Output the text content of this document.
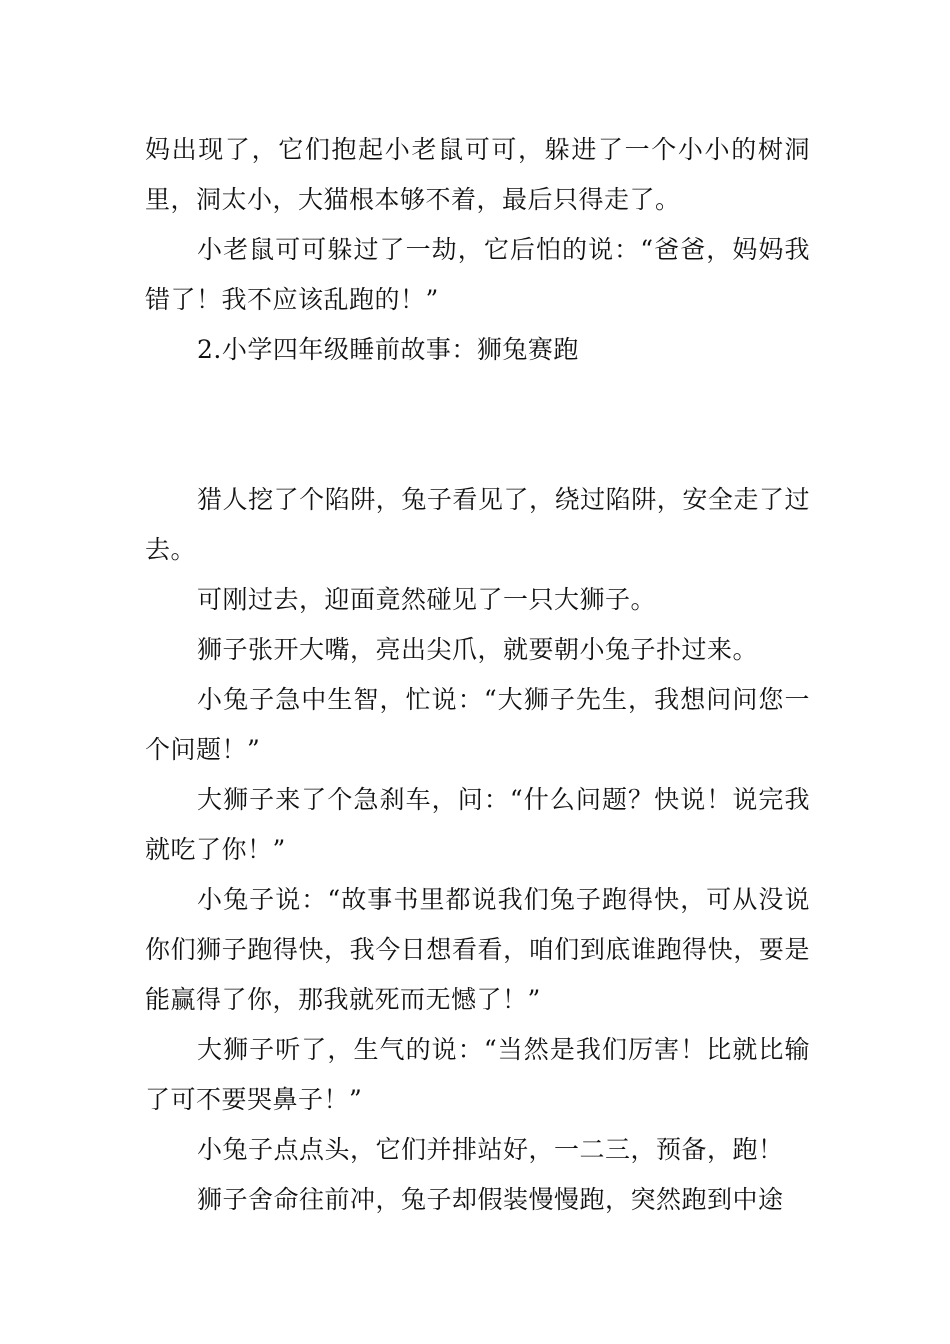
妈出现了，它们抱起小老鼠可可，躲进了一个小小的树洞里，洞太小，大猫根本够不着，最后只得走了。

小老鼠可可躲过了一劫，它后怕的说：“爸爸，妈妈我错了！我不应该乱跑的！”

2.小学四年级睡前故事：狮兔赛跑

猎人挖了个陷阱，兔子看见了，绕过陷阱，安全走了过去。

可刚过去，迎面竟然碰见了一只大狮子。

狮子张开大嘴，亮出尖爪，就要朝小兔子扑过来。

小兔子急中生智，忙说：“大狮子先生，我想问问您一个问题！”

大狮子来了个急刹车，问：“什么问题？快说！说完我就吃了你！”

小兔子说：“故事书里都说我们兔子跑得快，可从没说你们狮子跑得快，我今日想看看，咱们到底谁跑得快，要是能赢得了你，那我就死而无憾了！”

大狮子听了，生气的说：“当然是我们厉害！比就比输了可不要哭鼻子！”

小兔子点点头，它们并排站好，一二三，预备，跑！

狮子舍命往前冲，兔子却假装慢慢跑，突然跑到中途
